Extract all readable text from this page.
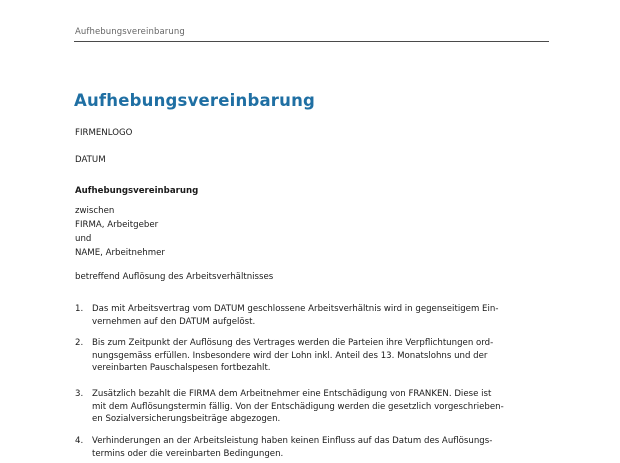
Aufhebungsvereinbarung
Aufhebungsvereinbarung
FIRMENLOGO
DATUM
Aufhebungsvereinbarung
zwischen
FIRMA, Arbeitgeber
und
NAME, Arbeitnehmer
betreffend Auflösung des Arbeitsverhältnisses
1.	Das mit Arbeitsvertrag vom DATUM geschlossene Arbeitsverhältnis wird in gegenseitigem Ein-
vernehmen auf den DATUM aufgelöst.
2.	Bis zum Zeitpunkt der Auflösung des Vertrages werden die Parteien ihre Verpflichtungen ord-
nungsgemäss erfüllen. Insbesondere wird der Lohn inkl. Anteil des 13. Monatslohns und der
vereinbarten Pauschalspesen fortbezahlt.
3.	Zusätzlich bezahlt die FIRMA dem Arbeitnehmer eine Entschädigung von FRANKEN. Diese ist
mit dem Auflösungstermin fällig. Von der Entschädigung werden die gesetzlich vorgeschrieben-
en Sozialversicherungsbeiträge abgezogen.
4.	Verhinderungen an der Arbeitsleistung haben keinen Einfluss auf das Datum des Auflösungs-
termins oder die vereinbarten Bedingungen.
